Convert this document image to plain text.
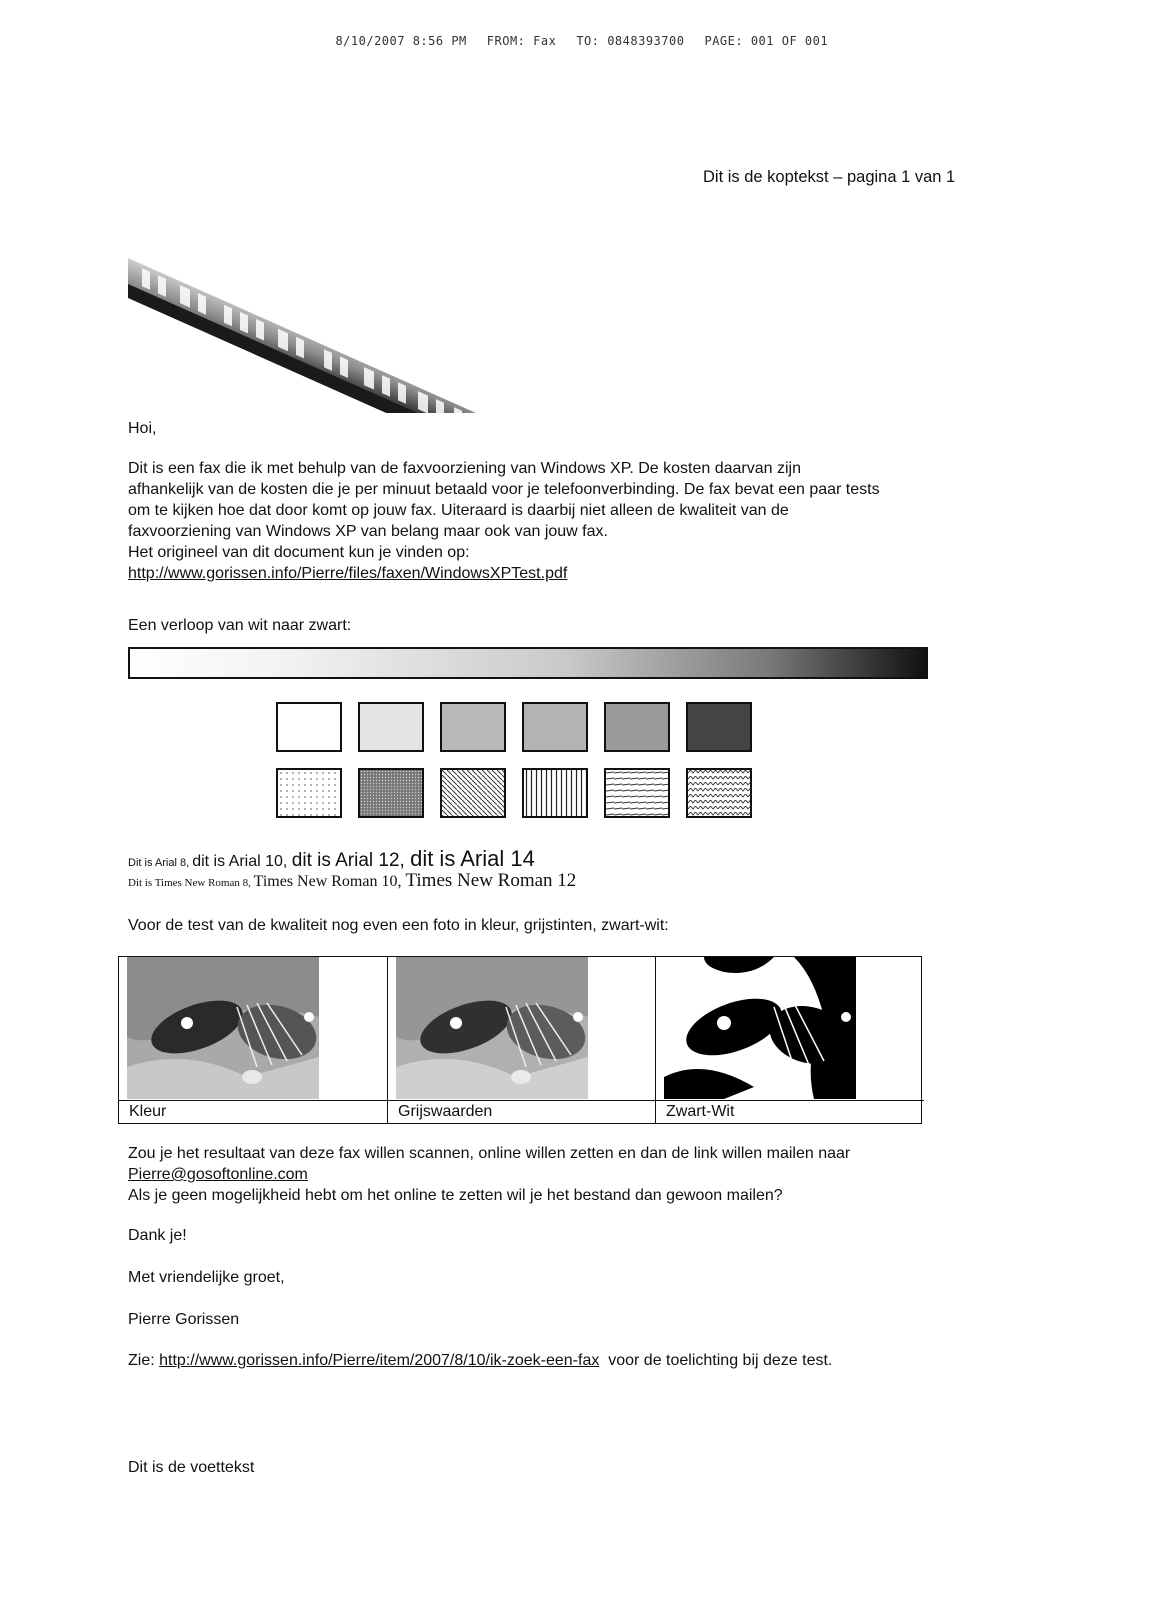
8/10/2007 8:56 PM FROM: Fax TO: 0848393700 PAGE: 001 OF 001

Dit is de koptekst – pagina 1 van 1
Hoi,
Dit is een fax die ik met behulp van de faxvoorziening van Windows XP. De kosten daarvan zijn
afhankelijk van de kosten die je per minuut betaald voor je telefoonverbinding. De fax bevat een paar tests
om te kijken hoe dat door komt op jouw fax. Uiteraard is daarbij niet alleen de kwaliteit van de
faxvoorziening van Windows XP van belang maar ook van jouw fax.
Het origineel van dit document kun je vinden op:
http://www.gorissen.info/Pierre/files/faxen/WindowsXPTest.pdf
Een verloop van wit naar zwart:
Dit is Arial 8, dit is Arial 10, dit is Arial 12, dit is Arial 14
Dit is Times New Roman 8, Times New Roman 10, Times New Roman 12
Voor de test van de kwaliteit nog even een foto in kleur, grijstinten, zwart-wit:
Kleur	Grijswaarden	Zwart-Wit
Zou je het resultaat van deze fax willen scannen, online willen zetten en dan de link willen mailen naar
Pierre@gosoftonline.com
Als je geen mogelijkheid hebt om het online te zetten wil je het bestand dan gewoon mailen?
Dank je!
Met vriendelijke groet,
Pierre Gorissen
Zie: http://www.gorissen.info/Pierre/item/2007/8/10/ik-zoek-een-fax  voor de toelichting bij deze test.
Dit is de voettekst
